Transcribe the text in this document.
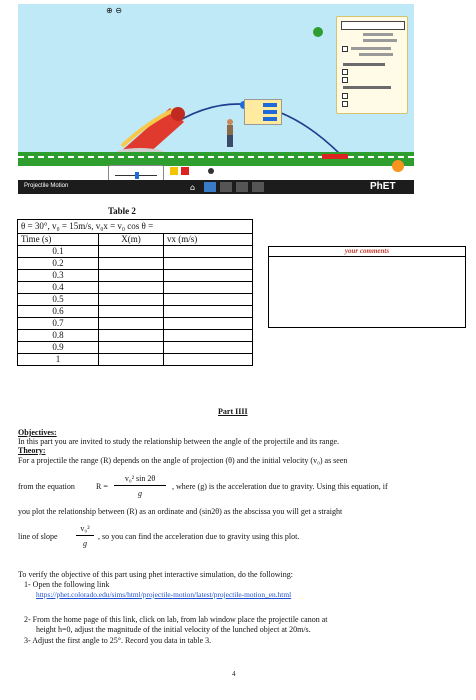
⊕ ⊖
Projectile Motion	⌂	PhET
Table 2
θ = 30°, v₀ = 15m/s, v₀x = v₀ cos θ =		
Time (s)	X(m)	vx (m/s)
0.1		
0.2		
0.3		
0.4		
0.5		
0.6		
0.7		
0.8		
0.9		
1		
your comments
Part IIII
Objectives:
In this part you are invited to study the relationship between the angle of the projectile and its range.
Theory:
For a projectile the range (R) depends on the angle of projection (θ) and the initial velocity (v₀) as seen
from the equation	R =
v₀² sin 2θ
g
, where (g) is the acceleration due to gravity. Using this equation, if
you plot the relationship between (R) as an ordinate and (sin2θ) as the abscissa you will get a straight
line of slope
v₀²
g
, so you can find the acceleration due to gravity using this plot.
To verify the objective of this part using phet interactive simulation, do the following:
1- Open the following link
https://phet.colorado.edu/sims/html/projectile-motion/latest/projectile-motion_en.html
2- From the home page of this link, click on lab, from lab window place the projectile canon at
height h=0, adjust the magnitude of the initial velocity of the lunched object at 20m/s.
3- Adjust the first angle to 25°. Record you data in table 3.
4
